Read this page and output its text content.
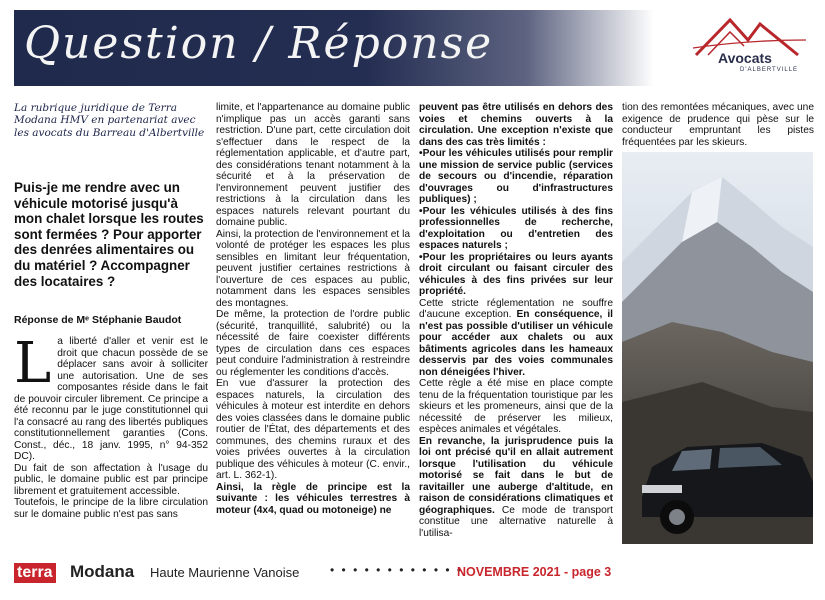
Question / Réponse	Avocats
D'ALBERTVILLE
La rubrique juridique de Terra Modana HMV en partenariat avec les avocats du Barreau d'Albertville
Puis-je me rendre avec un véhicule motorisé jusqu'à mon chalet lorsque les routes sont fermées ? Pour apporter des denrées alimentaires ou du matériel ? Accompagner des locataires ?
Réponse de Mᵉ Stéphanie Baudot
L a liberté d'aller et venir est le droit que chacun possède de se déplacer sans avoir à solliciter une autorisation. Une de ses composantes réside dans le fait de pouvoir circuler librement. Ce principe a été reconnu par le juge constitutionnel qui l'a consacré au rang des libertés publiques constitutionnellement garanties (Cons. Const., déc., 18 janv. 1995, n° 94-352 DC).

Du fait de son affectation à l'usage du public, le domaine public est par principe librement et gratuitement accessible.

Toutefois, le principe de la libre circulation sur le domaine public n'est pas sans

limite, et l'appartenance au domaine public n'implique pas un accès garanti sans restriction. D'une part, cette circulation doit s'effectuer dans le respect de la réglementation applicable, et d'autre part, des considérations tenant notamment à la sécurité et à la préservation de l'environnement peuvent justifier des restrictions à la circulation dans les espaces naturels relevant pourtant du domaine public.

Ainsi, la protection de l'environnement et la volonté de protéger les espaces les plus sensibles en limitant leur fréquentation, peuvent justifier certaines restrictions à l'ouverture de ces espaces au public, notamment dans les espaces sensibles des montagnes.

De même, la protection de l'ordre public (sécurité, tranquillité, salubrité) ou la nécessité de faire coexister différents types de circulation dans ces espaces peut conduire l'administration à restreindre ou réglementer les conditions d'accès.

En vue d'assurer la protection des espaces naturels, la circulation des véhicules à moteur est interdite en dehors des voies classées dans le domaine public routier de l'État, des départements et des communes, des chemins ruraux et des voies privées ouvertes à la circulation publique des véhicules à moteur (C. envir., art. L. 362-1).

Ainsi, la règle de principe est la suivante : les véhicules terrestres à moteur (4x4, quad ou motoneige) ne

peuvent pas être utilisés en dehors des voies et chemins ouverts à la circulation. Une exception n'existe que dans des cas très limités :

•Pour les véhicules utilisés pour remplir une mission de service public (services de secours ou d'incendie, réparation d'ouvrages ou d'infrastructures publiques) ;

•Pour les véhicules utilisés à des fins professionnelles de recherche, d'exploitation ou d'entretien des espaces naturels ;

•Pour les propriétaires ou leurs ayants droit circulant ou faisant circuler des véhicules à des fins privées sur leur propriété.

Cette stricte réglementation ne souffre d'aucune exception. En conséquence, il n'est pas possible d'utiliser un véhicule pour accéder aux chalets ou aux bâtiments agricoles dans les hameaux desservis par des voies communales non déneigées l'hiver.

Cette règle a été mise en place compte tenu de la fréquentation touristique par les skieurs et les promeneurs, ainsi que de la nécessité de préserver les milieux, espèces animales et végétales.

En revanche, la jurisprudence puis la loi ont précisé qu'il en allait autrement lorsque l'utilisation du véhicule motorisé se fait dans le but de ravitailler une auberge d'altitude, en raison de considérations climatiques et géographiques. Ce mode de transport constitue une alternative naturelle à l'utilisa-

tion des remontées mécaniques, avec une exigence de prudence qui pèse sur le conducteur empruntant les pistes fréquentées par les skieurs.

terra Modana Haute Maurienne Vanoise	• • • • • • • • • • • •
NOVEMBRE 2021 - page 3
